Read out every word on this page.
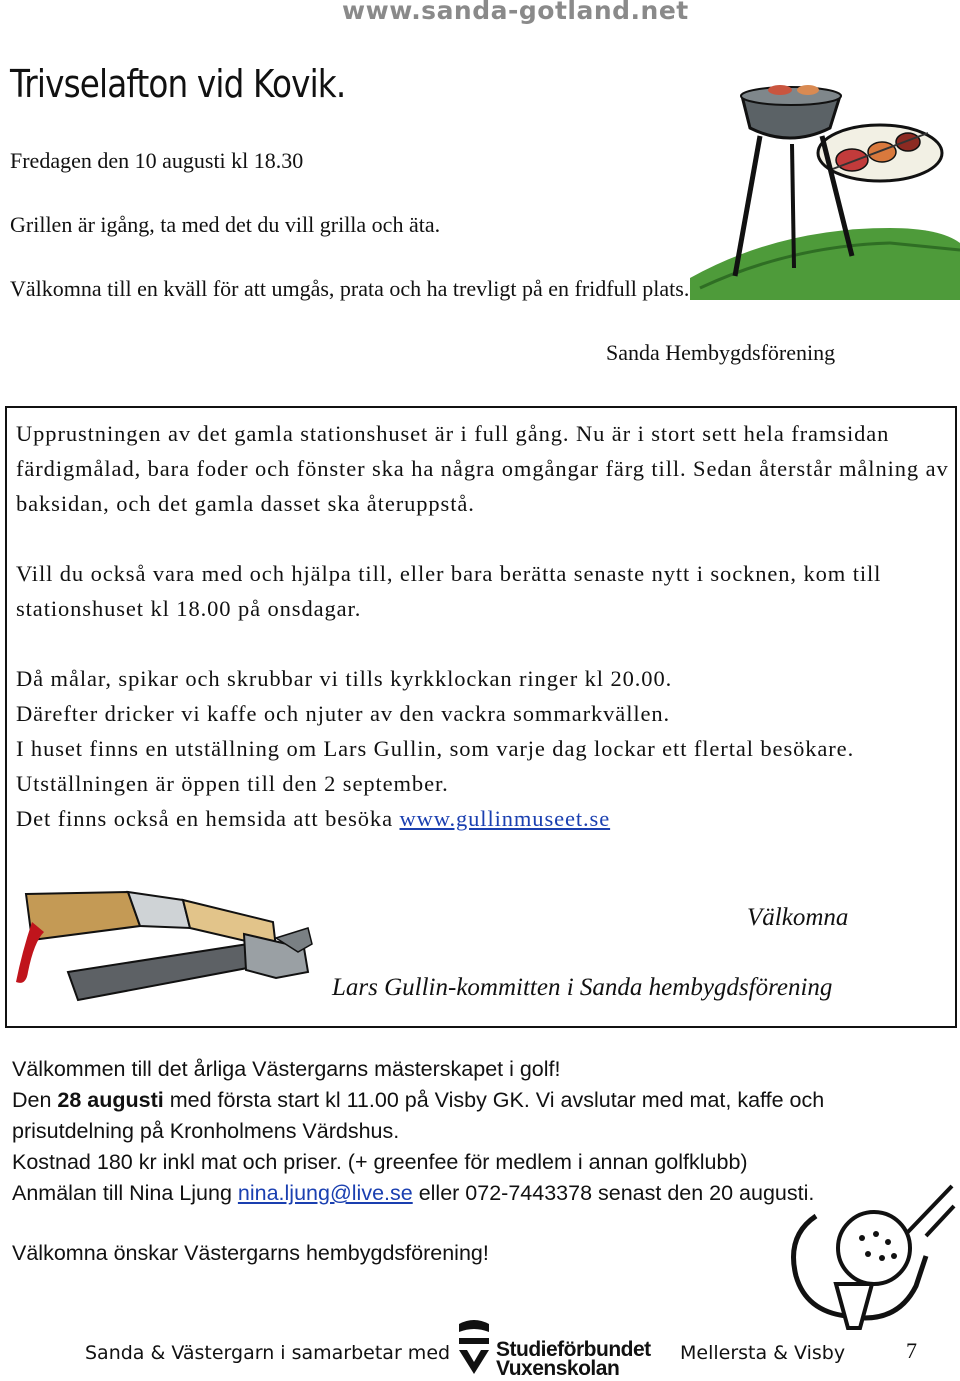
www.sanda-gotland.net
Trivselafton vid Kovik.
Fredagen den 10 augusti kl 18.30
Grillen är igång, ta med det du vill grilla och äta.
Välkomna till en kväll för att umgås, prata och ha trevligt på en fridfull plats.
Sanda Hembygdsförening

Upprustningen av det gamla stationshuset är i full gång. Nu är i stort sett hela framsidan färdigmålad, bara foder och fönster ska ha några omgångar färg till. Sedan återstår målning av baksidan, och det gamla dasset ska återuppstå.

Vill du också vara med och hjälpa till, eller bara berätta senaste nytt i socknen, kom till stationshuset kl 18.00 på onsdagar.

Då målar, spikar och skrubbar vi tills kyrkklockan ringer kl 20.00.

Därefter dricker vi kaffe och njuter av den vackra sommarkvällen.

I huset finns en utställning om Lars Gullin, som varje dag lockar ett flertal besökare. Utställningen är öppen till den 2 september.

Det finns också en hemsida att besöka www.gullinmuseet.se

Välkomna
Lars Gullin-kommitten i Sanda hembygdsförening

Välkommen till det årliga Västergarns mästerskapet i golf!

Den 28 augusti med första start kl 11.00 på Visby GK. Vi avslutar med mat, kaffe och prisutdelning på Kronholmens Värdshus.

Kostnad 180 kr inkl mat och priser. (+ greenfee för medlem i annan golfklubb)

Anmälan till Nina Ljung nina.ljung@live.se eller 072-7443378 senast den 20 augusti.

Välkomna önskar Västergarns hembygdsförening!

Sanda & Västergarn i samarbetar med Studieförbundet
Vuxenskolan
Mellersta & Visby	7
